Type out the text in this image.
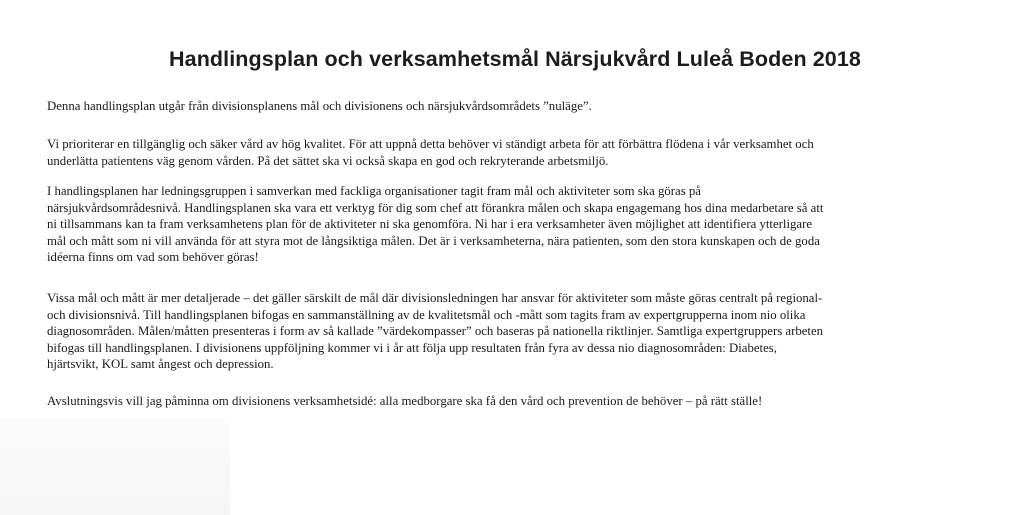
Handlingsplan och verksamhetsmål Närsjukvård Luleå Boden 2018

Denna handlingsplan utgår från divisionsplanens mål och divisionens och närsjukvårdsområdets ”nuläge”.

Vi prioriterar en tillgänglig och säker vård av hög kvalitet. För att uppnå detta behöver vi ständigt arbeta för att förbättra flödena i vår verksamhet och
underlätta patientens väg genom vården. På det sättet ska vi också skapa en god och rekryterande arbetsmiljö.

I handlingsplanen har ledningsgruppen i samverkan med fackliga organisationer tagit fram mål och aktiviteter som ska göras på
närsjukvårdsområdesnivå. Handlingsplanen ska vara ett verktyg för dig som chef att förankra målen och skapa engagemang hos dina medarbetare så att
ni tillsammans kan ta fram verksamhetens plan för de aktiviteter ni ska genomföra. Ni har i era verksamheter även möjlighet att identifiera ytterligare
mål och mått som ni vill använda för att styra mot de långsiktiga målen. Det är i verksamheterna, nära patienten, som den stora kunskapen och de goda
idéerna finns om vad som behöver göras!

Vissa mål och mått är mer detaljerade – det gäller särskilt de mål där divisionsledningen har ansvar för aktiviteter som måste göras centralt på regional-
och divisionsnivå. Till handlingsplanen bifogas en sammanställning av de kvalitetsmål och -mått som tagits fram av expertgrupperna inom nio olika
diagnosområden. Målen/måtten presenteras i form av så kallade ”värdekompasser” och baseras på nationella riktlinjer. Samtliga expertgruppers arbeten
bifogas till handlingsplanen. I divisionens uppföljning kommer vi i år att följa upp resultaten från fyra av dessa nio diagnosområden: Diabetes,
hjärtsvikt, KOL samt ångest och depression.

Avslutningsvis vill jag påminna om divisionens verksamhetsidé: alla medborgare ska få den vård och prevention de behöver – på rätt ställe!
